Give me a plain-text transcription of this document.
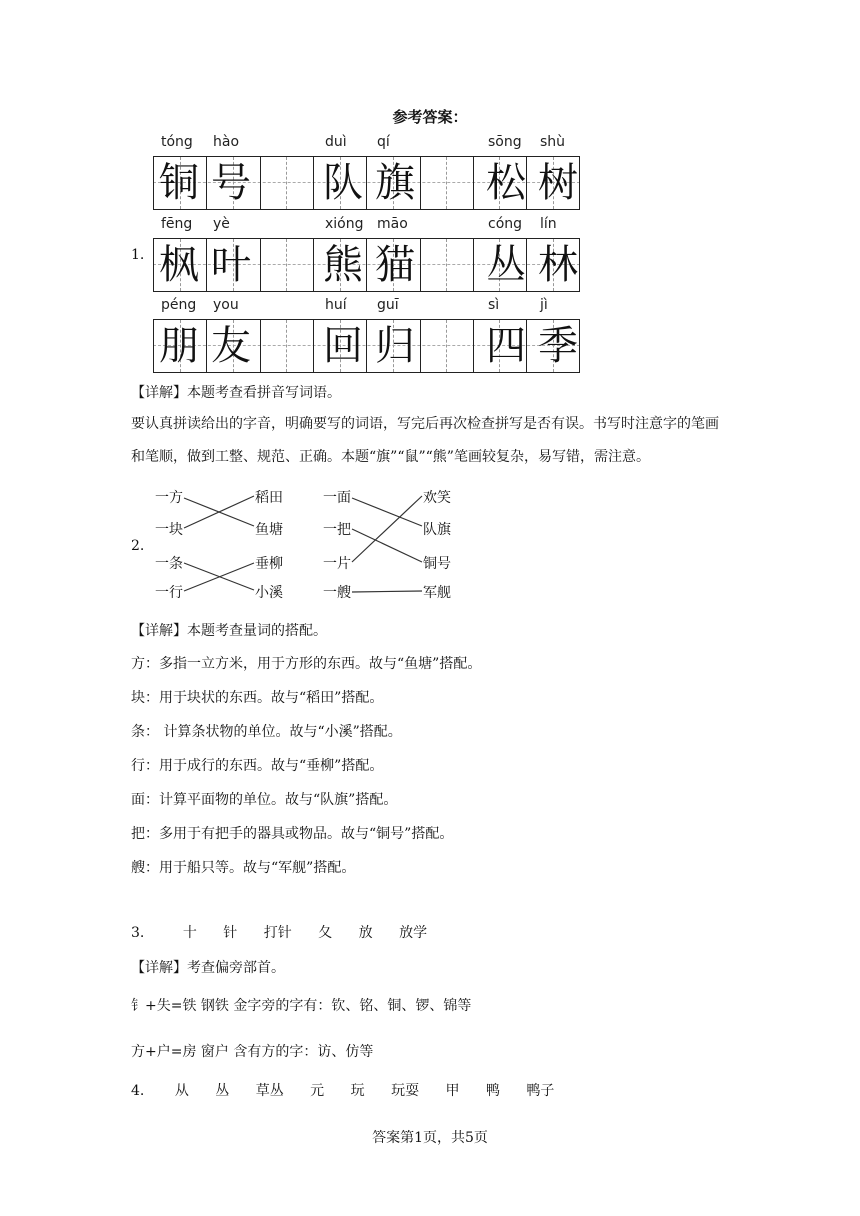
参考答案：
1.
tóng hào	duì qí	sōng shù
铜 号 队 旗 松 树
fēng yè	xióng māo	cóng lín
枫 叶 熊 猫 丛 林
péng you	huí guī	sì	jì
朋 友 回 归 四 季
【详解】本题考查看拼音写词语。
要认真拼读给出的字音，明确要写的词语，写完后再次检查拼写是否有误。书写时注意字的笔画和笔顺，做到工整、规范、正确。本题“旗”“鼠”“熊”笔画较复杂，易写错，需注意。
2.
一方
一块
一条
一行
稻田
鱼塘
垂柳
小溪
一面
一把
一片
一艘
欢笑
队旗
铜号
军舰
【详解】本题考查量词的搭配。
方：多指一立方米，用于方形的东西。故与“鱼塘”搭配。
块：用于块状的东西。故与“稻田”搭配。
条： 计算条状物的单位。故与“小溪”搭配。
行：用于成行的东西。故与“垂柳”搭配。
面：计算平面物的单位。故与“队旗”搭配。
把：多用于有把手的器具或物品。故与“铜号”搭配。
艘：用于船只等。故与“军舰”搭配。
3.	十 针 打针 夂 放 放学
【详解】考查偏旁部首。
钅+失=铁 钢铁 金字旁的字有：钦、铭、铜、锣、锦等
方+户=房 窗户 含有方的字：访、仿等
4. 从 丛 草丛 元 玩 玩耍 甲 鸭 鸭子
答案第1页，共5页
